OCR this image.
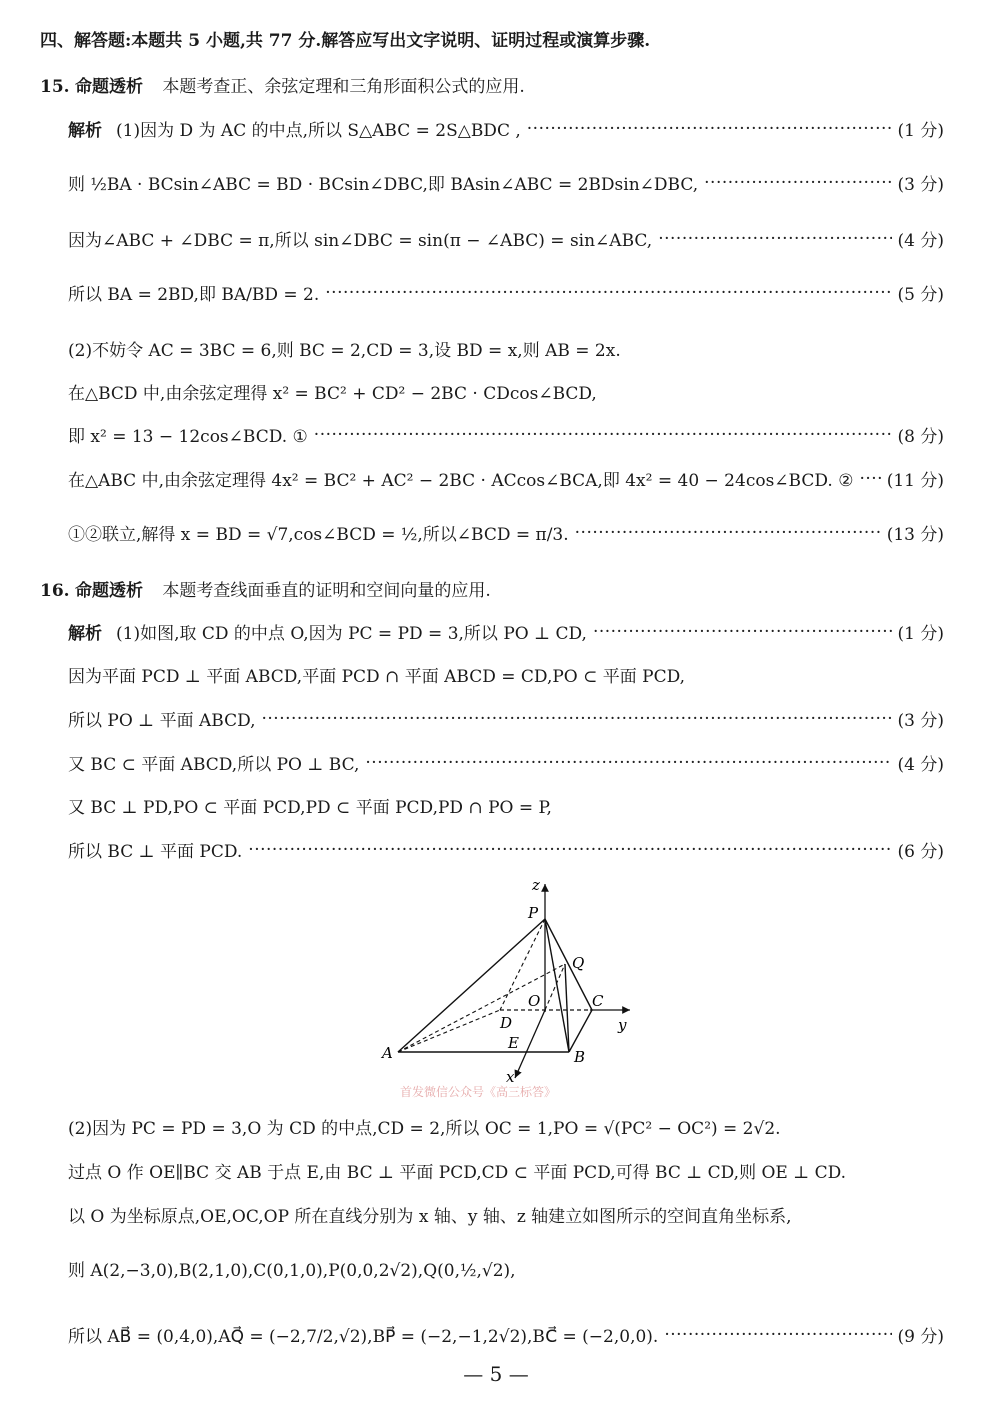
四、解答题:本题共 5 小题,共 77 分.解答应写出文字说明、证明过程或演算步骤.
15. 命题透析 本题考查正、余弦定理和三角形面积公式的应用.
解析 (1)因为 D 为 AC 的中点,所以 S△ABC = 2S△BDC , ·····	(1 分)
则 ½BA · BCsin∠ABC = BD · BCsin∠DBC,即 BAsin∠ABC = 2BDsin∠DBC, ·····	(3 分)
因为∠ABC + ∠DBC = π,所以 sin∠DBC = sin(π − ∠ABC) = sin∠ABC, ·····	(4 分)
所以 BA = 2BD,即 BA/BD = 2. ·····	(5 分)
(2)不妨令 AC = 3BC = 6,则 BC = 2,CD = 3,设 BD = x,则 AB = 2x.
在△BCD 中,由余弦定理得 x² = BC² + CD² − 2BC · CDcos∠BCD,
即 x² = 13 − 12cos∠BCD. ① ·····	(8 分)
在△ABC 中,由余弦定理得 4x² = BC² + AC² − 2BC · ACcos∠BCA,即 4x² = 40 − 24cos∠BCD. ② ····· (11 分)
①②联立,解得 x = BD = √7,cos∠BCD = ½,所以∠BCD = π/3. ·····	(13 分)
16. 命题透析 本题考查线面垂直的证明和空间向量的应用.
解析 (1)如图,取 CD 的中点 O,因为 PC = PD = 3,所以 PO ⊥ CD, ·····	(1 分)
因为平面 PCD ⊥ 平面 ABCD,平面 PCD ∩ 平面 ABCD = CD,PO ⊂ 平面 PCD,
所以 PO ⊥ 平面 ABCD, ·····	(3 分)
又 BC ⊂ 平面 ABCD,所以 PO ⊥ BC, ·····	(4 分)
又 BC ⊥ PD,PO ⊂ 平面 PCD,PD ⊂ 平面 PCD,PD ∩ PO = P,
所以 BC ⊥ 平面 PCD. ·····	(6 分)
z
P
Q
O	C
y
D
A
E
B
x
首发微信公众号《高三标答》
(2)因为 PC = PD = 3,O 为 CD 的中点,CD = 2,所以 OC = 1,PO = √(PC² − OC²) = 2√2.
过点 O 作 OE∥BC 交 AB 于点 E,由 BC ⊥ 平面 PCD,CD ⊂ 平面 PCD,可得 BC ⊥ CD,则 OE ⊥ CD.
以 O 为坐标原点,OE,OC,OP 所在直线分别为 x 轴、y 轴、z 轴建立如图所示的空间直角坐标系,
则 A(2,−3,0),B(2,1,0),C(0,1,0),P(0,0,2√2),Q(0,½,√2),
所以 AB⃗ = (0,4,0),AQ⃗ = (−2,7/2,√2),BP⃗ = (−2,−1,2√2),BC⃗ = (−2,0,0). ·····	(9 分)
— 5 —
